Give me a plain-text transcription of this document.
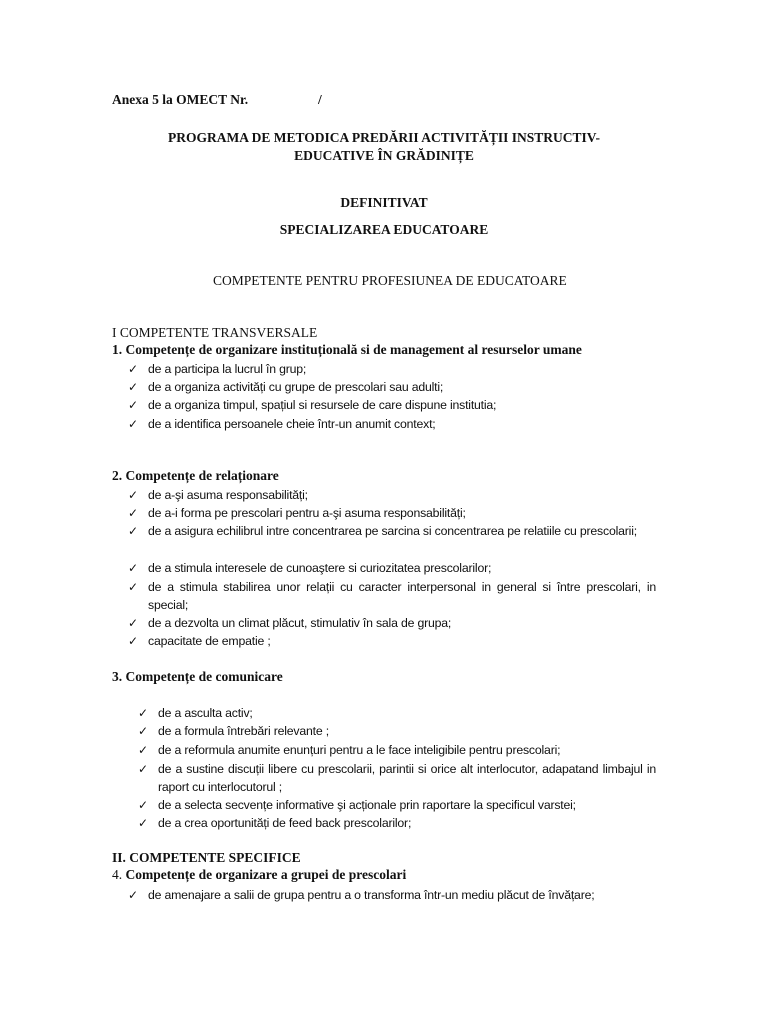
Anexa 5 la OMECT Nr.	/
PROGRAMA DE METODICA PREDĂRII ACTIVITĂȚII INSTRUCTIV-
EDUCATIVE ÎN GRĂDINIȚE
DEFINITIVAT
SPECIALIZAREA EDUCATOARE
COMPETENTE PENTRU PROFESIUNEA DE EDUCATOARE
I COMPETENTE TRANSVERSALE
1. Competențe de organizare instituțională si de management al resurselor umane
✓ de a participa la lucrul în grup;
✓ de a organiza activități cu grupe de prescolari sau adulti;
✓ de a organiza timpul, spațiul si resursele de care dispune institutia;
✓ de a identifica persoanele cheie într-un anumit context;
2. Competențe de relaționare
✓ de a-şi asuma responsabilități;
✓ de a-i forma pe prescolari pentru a-şi asuma responsabilități;
✓ de a asigura echilibrul intre concentrarea pe sarcina si concentrarea pe relatiile cu prescolarii;
✓ de a stimula interesele de cunoaştere si curiozitatea prescolarilor;
✓ de a stimula stabilirea unor relații cu caracter interpersonal in general si între prescolari, in special;
✓ de a dezvolta un climat plăcut, stimulativ în sala de grupa;
✓ capacitate de empatie ;
3. Competențe de comunicare
✓ de a asculta activ;
✓ de a formula întrebări relevante ;
✓ de a reformula anumite enunțuri pentru a le face inteligibile pentru prescolari;
✓ de a sustine discuții libere cu prescolarii, parintii si orice alt interlocutor, adapatand limbajul in raport cu interlocutorul ;
✓ de a selecta secvențe informative şi acționale prin raportare la specificul varstei;
✓ de a crea oportunități de feed back prescolarilor;
II. COMPETENTE SPECIFICE
4. Competențe de organizare a grupei de prescolari
✓ de amenajare a salii de grupa pentru a o transforma într-un mediu plăcut de învățare;
